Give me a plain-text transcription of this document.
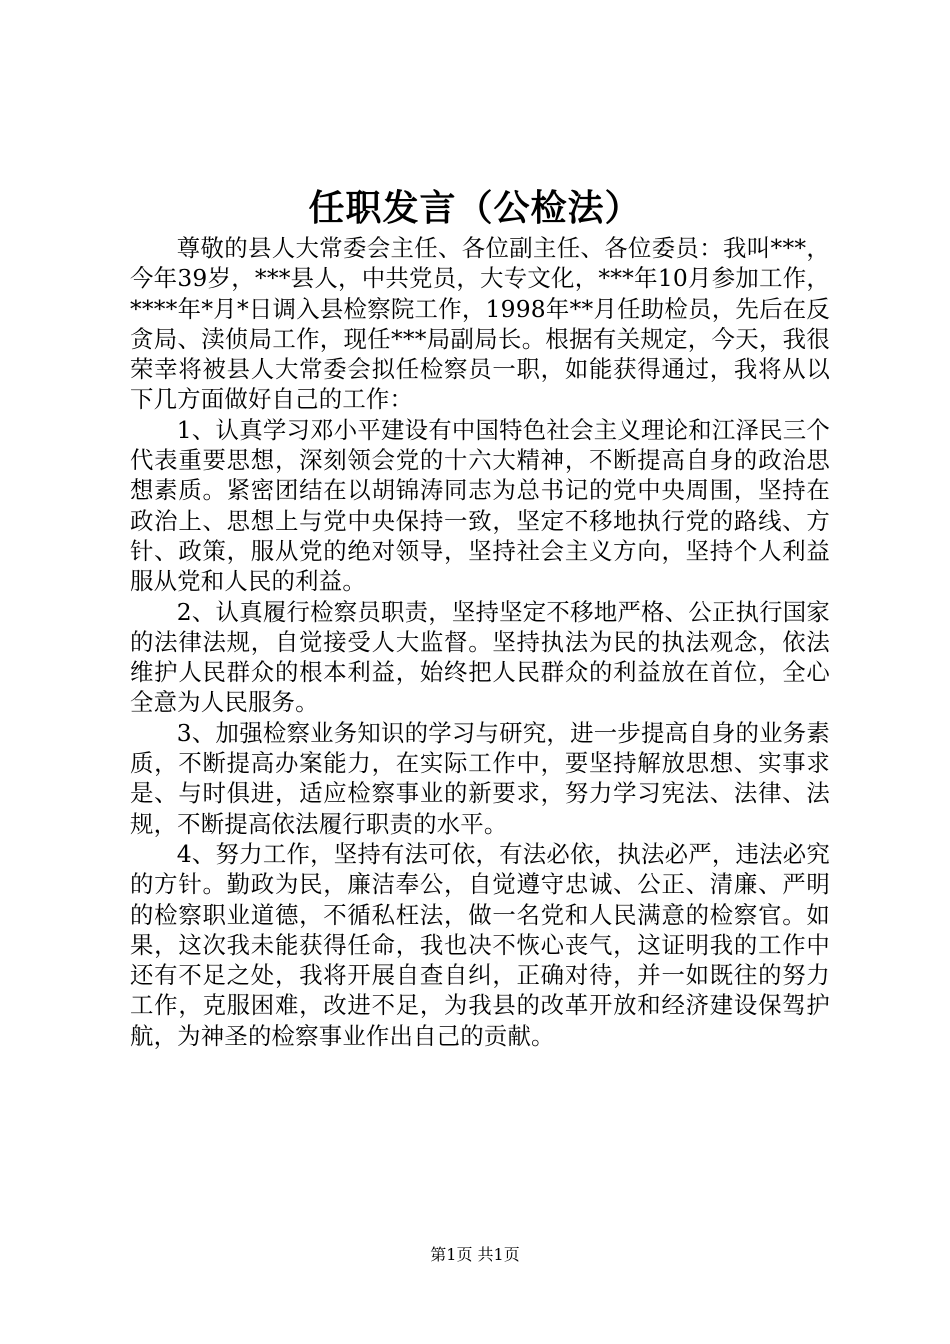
任职发言（公检法）

尊敬的县人大常委会主任、各位副主任、各位委员：我叫***，今年39岁，***县人，中共党员，大专文化，***年10月参加工作，****年*月*日调入县检察院工作，1998年**月任助检员，先后在反贪局、渎侦局工作，现任***局副局长。根据有关规定，今天，我很荣幸将被县人大常委会拟任检察员一职，如能获得通过，我将从以下几方面做好自己的工作：

1、认真学习邓小平建设有中国特色社会主义理论和江泽民三个代表重要思想，深刻领会党的十六大精神，不断提高自身的政治思想素质。紧密团结在以胡锦涛同志为总书记的党中央周围，坚持在政治上、思想上与党中央保持一致，坚定不移地执行党的路线、方针、政策，服从党的绝对领导，坚持社会主义方向，坚持个人利益服从党和人民的利益。

2、认真履行检察员职责，坚持坚定不移地严格、公正执行国家的法律法规，自觉接受人大监督。坚持执法为民的执法观念，依法维护人民群众的根本利益，始终把人民群众的利益放在首位，全心全意为人民服务。

3、加强检察业务知识的学习与研究，进一步提高自身的业务素质，不断提高办案能力，在实际工作中，要坚持解放思想、实事求是、与时俱进，适应检察事业的新要求，努力学习宪法、法律、法规，不断提高依法履行职责的水平。

4、努力工作，坚持有法可依，有法必依，执法必严，违法必究的方针。勤政为民，廉洁奉公，自觉遵守忠诚、公正、清廉、严明的检察职业道德，不循私枉法，做一名党和人民满意的检察官。如果，这次我未能获得任命，我也决不恢心丧气，这证明我的工作中还有不足之处，我将开展自查自纠，正确对待，并一如既往的努力工作，克服困难，改进不足，为我县的改革开放和经济建设保驾护航，为神圣的检察事业作出自己的贡献。

第1页 共1页
